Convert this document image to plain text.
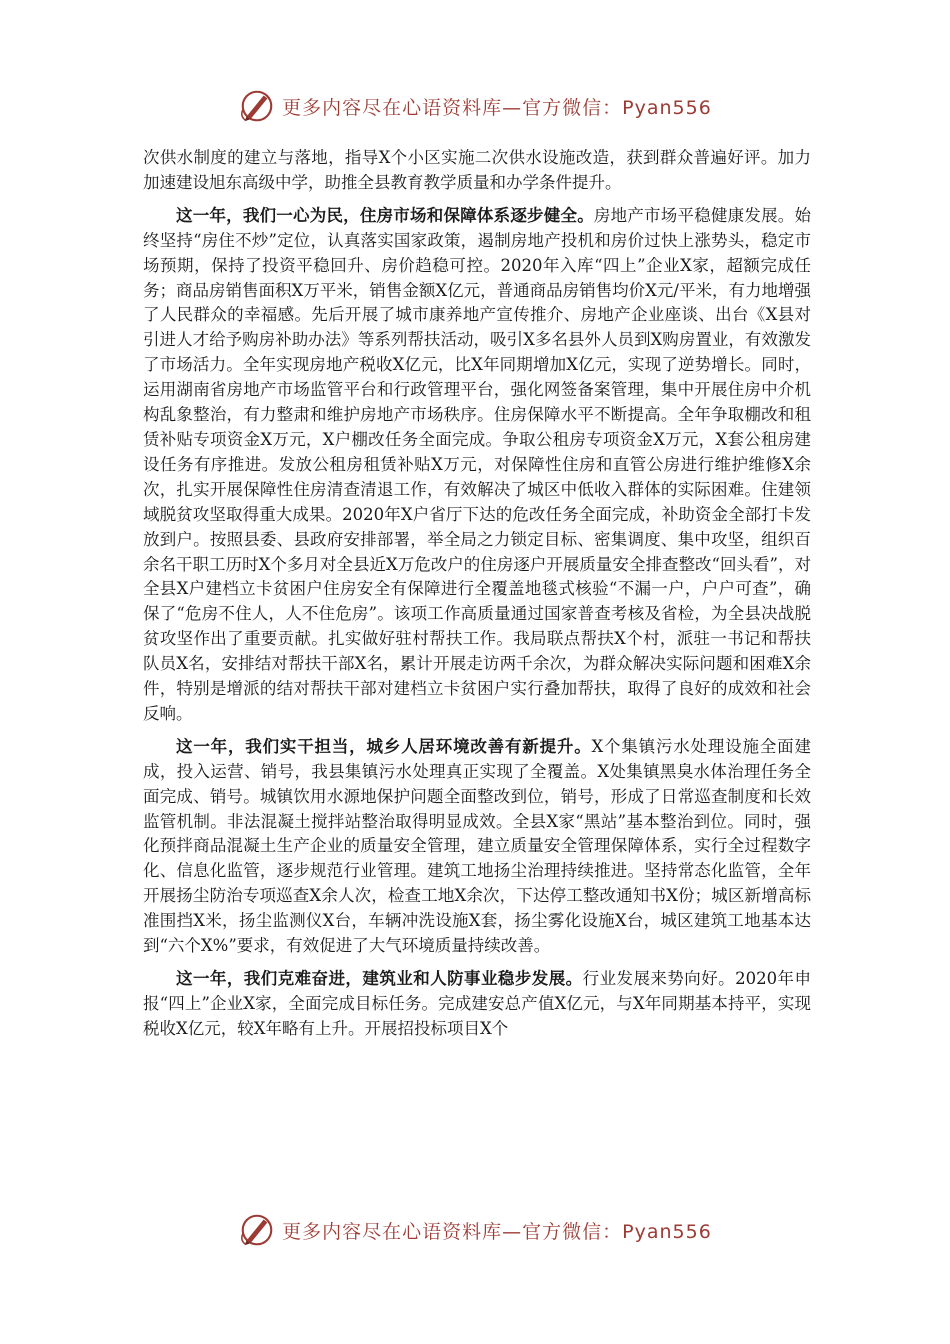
更多内容尽在心语资料库—官方微信：Pyan556

次供水制度的建立与落地，指导X个小区实施二次供水设施改造，获到群众普遍好评。加力加速建设旭东高级中学，助推全县教育教学质量和办学条件提升。

这一年，我们一心为民，住房市场和保障体系逐步健全。房地产市场平稳健康发展。始终坚持“房住不炒”定位，认真落实国家政策，遏制房地产投机和房价过快上涨势头，稳定市场预期，保持了投资平稳回升、房价趋稳可控。2020年入库“四上”企业X家，超额完成任务；商品房销售面积X万平米，销售金额X亿元，普通商品房销售均价X元/平米，有力地增强了人民群众的幸福感。先后开展了城市康养地产宣传推介、房地产企业座谈、出台《X县对引进人才给予购房补助办法》等系列帮扶活动，吸引X多名县外人员到X购房置业，有效激发了市场活力。全年实现房地产税收X亿元，比X年同期增加X亿元，实现了逆势增长。同时，运用湖南省房地产市场监管平台和行政管理平台，强化网签备案管理，集中开展住房中介机构乱象整治，有力整肃和维护房地产市场秩序。住房保障水平不断提高。全年争取棚改和租赁补贴专项资金X万元，X户棚改任务全面完成。争取公租房专项资金X万元，X套公租房建设任务有序推进。发放公租房租赁补贴X万元，对保障性住房和直管公房进行维护维修X余次，扎实开展保障性住房清查清退工作，有效解决了城区中低收入群体的实际困难。住建领域脱贫攻坚取得重大成果。2020年X户省厅下达的危改任务全面完成，补助资金全部打卡发放到户。按照县委、县政府安排部署，举全局之力锁定目标、密集调度、集中攻坚，组织百余名干职工历时X个多月对全县近X万危改户的住房逐户开展质量安全排查整改“回头看”，对全县X户建档立卡贫困户住房安全有保障进行全覆盖地毯式核验“不漏一户，户户可查”，确保了“危房不住人，人不住危房”。该项工作高质量通过国家普查考核及省检，为全县决战脱贫攻坚作出了重要贡献。扎实做好驻村帮扶工作。我局联点帮扶X个村，派驻一书记和帮扶队员X名，安排结对帮扶干部X名，累计开展走访两千余次，为群众解决实际问题和困难X余件，特别是增派的结对帮扶干部对建档立卡贫困户实行叠加帮扶，取得了良好的成效和社会反响。

这一年，我们实干担当，城乡人居环境改善有新提升。X个集镇污水处理设施全面建成，投入运营、销号，我县集镇污水处理真正实现了全覆盖。X处集镇黑臭水体治理任务全面完成、销号。城镇饮用水源地保护问题全面整改到位，销号，形成了日常巡查制度和长效监管机制。非法混凝土搅拌站整治取得明显成效。全县X家“黑站”基本整治到位。同时，强化预拌商品混凝土生产企业的质量安全管理，建立质量安全管理保障体系，实行全过程数字化、信息化监管，逐步规范行业管理。建筑工地扬尘治理持续推进。坚持常态化监管，全年开展扬尘防治专项巡查X余人次，检查工地X余次，下达停工整改通知书X份；城区新增高标准围挡X米，扬尘监测仪X台，车辆冲洗设施X套，扬尘雾化设施X台，城区建筑工地基本达到“六个X%”要求，有效促进了大气环境质量持续改善。

这一年，我们克难奋进，建筑业和人防事业稳步发展。行业发展来势向好。2020年申报“四上”企业X家，全面完成目标任务。完成建安总产值X亿元，与X年同期基本持平，实现税收X亿元，较X年略有上升。开展招投标项目X个

更多内容尽在心语资料库—官方微信：Pyan556
